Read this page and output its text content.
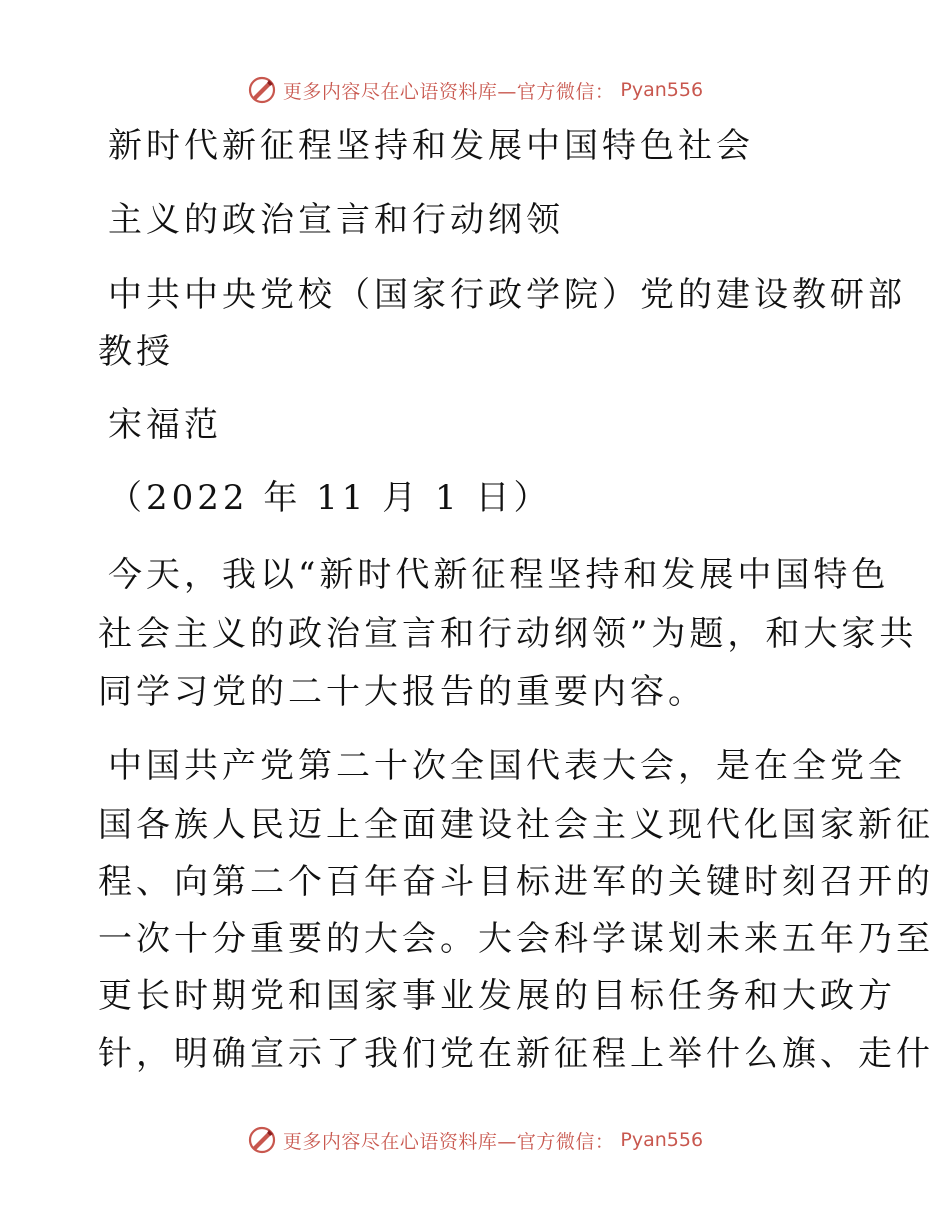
更多内容尽在心语资料库—官方微信： Pyan556
新时代新征程坚持和发展中国特色社会
主义的政治宣言和行动纲领
中共中央党校（国家行政学院）党的建设教研部
教授
宋福范
（2022 年 11 月 1 日）
今天，我以“新时代新征程坚持和发展中国特色
社会主义的政治宣言和行动纲领”为题，和大家共
同学习党的二十大报告的重要内容。
中国共产党第二十次全国代表大会，是在全党全
国各族人民迈上全面建设社会主义现代化国家新征
程、向第二个百年奋斗目标进军的关键时刻召开的
一次十分重要的大会。大会科学谋划未来五年乃至
更长时期党和国家事业发展的目标任务和大政方
针，明确宣示了我们党在新征程上举什么旗、走什
更多内容尽在心语资料库—官方微信： Pyan556
